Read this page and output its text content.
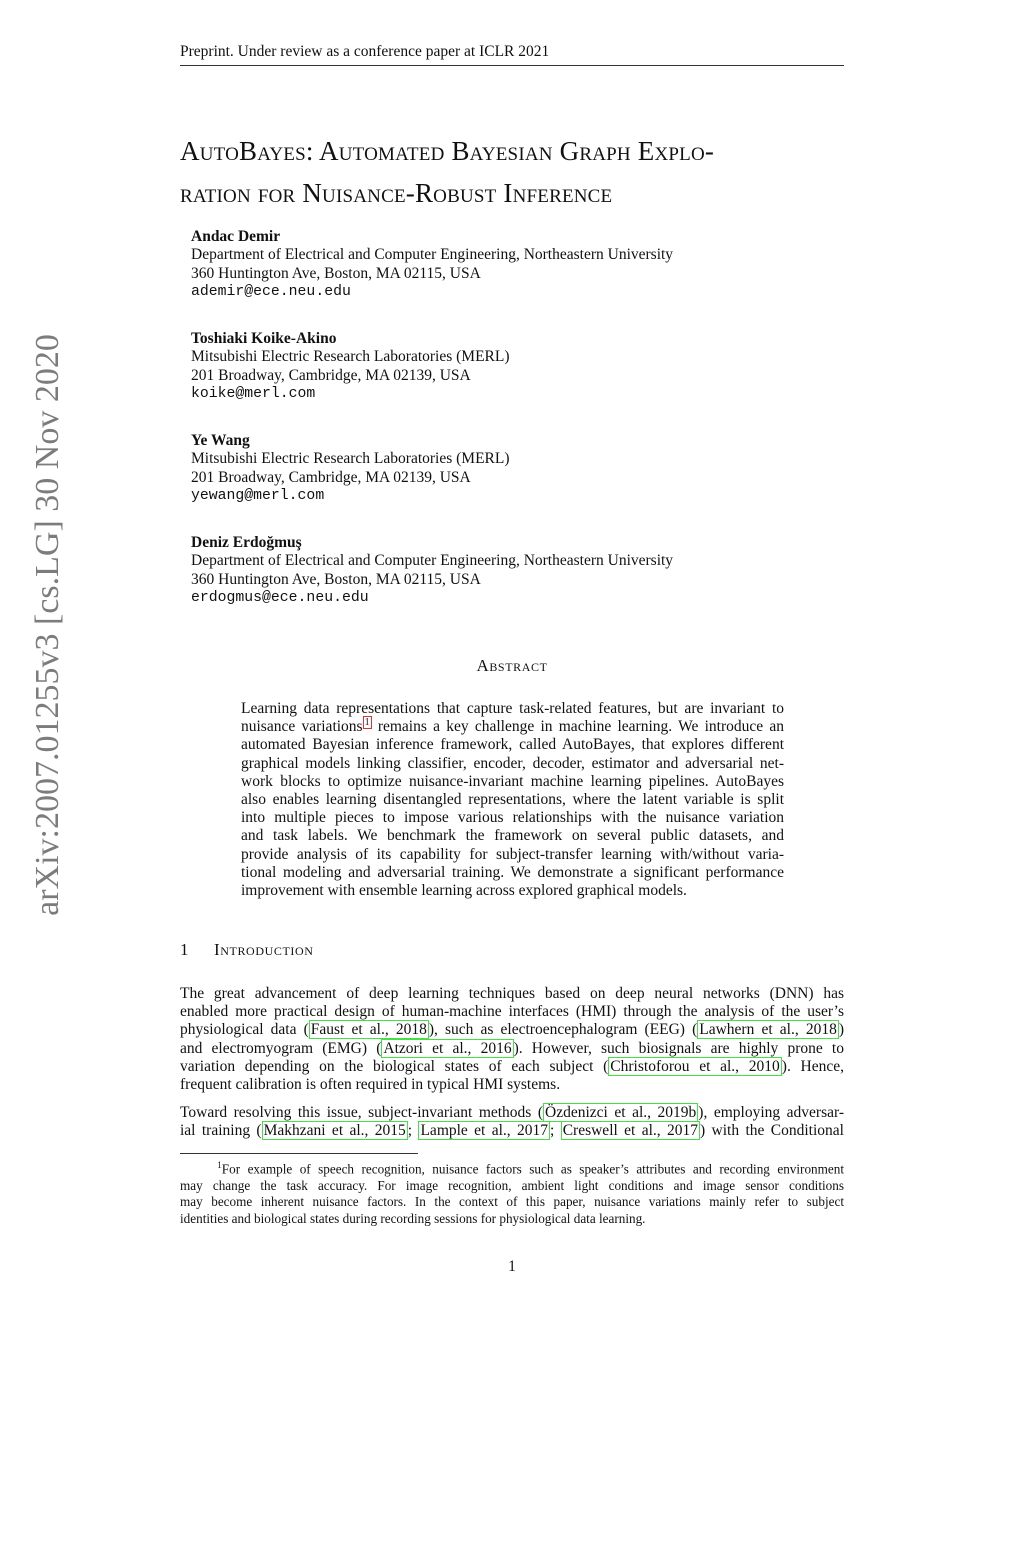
Preprint. Under review as a conference paper at ICLR 2021
arXiv:2007.01255v3 [cs.LG] 30 Nov 2020
AutoBayes: Automated Bayesian Graph Explo-
ration for Nuisance-Robust Inference
Andac Demir
Department of Electrical and Computer Engineering, Northeastern University
360 Huntington Ave, Boston, MA 02115, USA
ademir@ece.neu.edu
Toshiaki Koike-Akino
Mitsubishi Electric Research Laboratories (MERL)
201 Broadway, Cambridge, MA 02139, USA
koike@merl.com
Ye Wang
Mitsubishi Electric Research Laboratories (MERL)
201 Broadway, Cambridge, MA 02139, USA
yewang@merl.com
Deniz Erdoğmuş
Department of Electrical and Computer Engineering, Northeastern University
360 Huntington Ave, Boston, MA 02115, USA
erdogmus@ece.neu.edu
Abstract
Learning data representations that capture task-related features, but are invariant to
nuisance variations $^1$ remains a key challenge in machine learning. We introduce an
automated Bayesian inference framework, called AutoBayes, that explores different
graphical models linking classifier, encoder, decoder, estimator and adversarial net-
work blocks to optimize nuisance-invariant machine learning pipelines. AutoBayes
also enables learning disentangled representations, where the latent variable is split
into multiple pieces to impose various relationships with the nuisance variation
and task labels. We benchmark the framework on several public datasets, and
provide analysis of its capability for subject-transfer learning with/without varia-
tional modeling and adversarial training. We demonstrate a significant performance
improvement with ensemble learning across explored graphical models.
1 Introduction
The great advancement of deep learning techniques based on deep neural networks (DNN) has
enabled more practical design of human-machine interfaces (HMI) through the analysis of the user’s
physiological data ( Faust et al., 2018 ), such as electroencephalogram (EEG) ( Lawhern et al., 2018 )
and electromyogram (EMG) ( Atzori et al., 2016 ). However, such biosignals are highly prone to
variation depending on the biological states of each subject ( Christoforou et al., 2010 ). Hence,
frequent calibration is often required in typical HMI systems.
Toward resolving this issue, subject-invariant methods ( Özdenizci et al., 2019b ), employing adversar-
ial training ( Makhzani et al., 2015 ; Lample et al., 2017 ; Creswell et al., 2017 ) with the Conditional
$^1$For example of speech recognition, nuisance factors such as speaker’s attributes and recording environment
may change the task accuracy. For image recognition, ambient light conditions and image sensor conditions
may become inherent nuisance factors. In the context of this paper, nuisance variations mainly refer to subject
identities and biological states during recording sessions for physiological data learning.
1
